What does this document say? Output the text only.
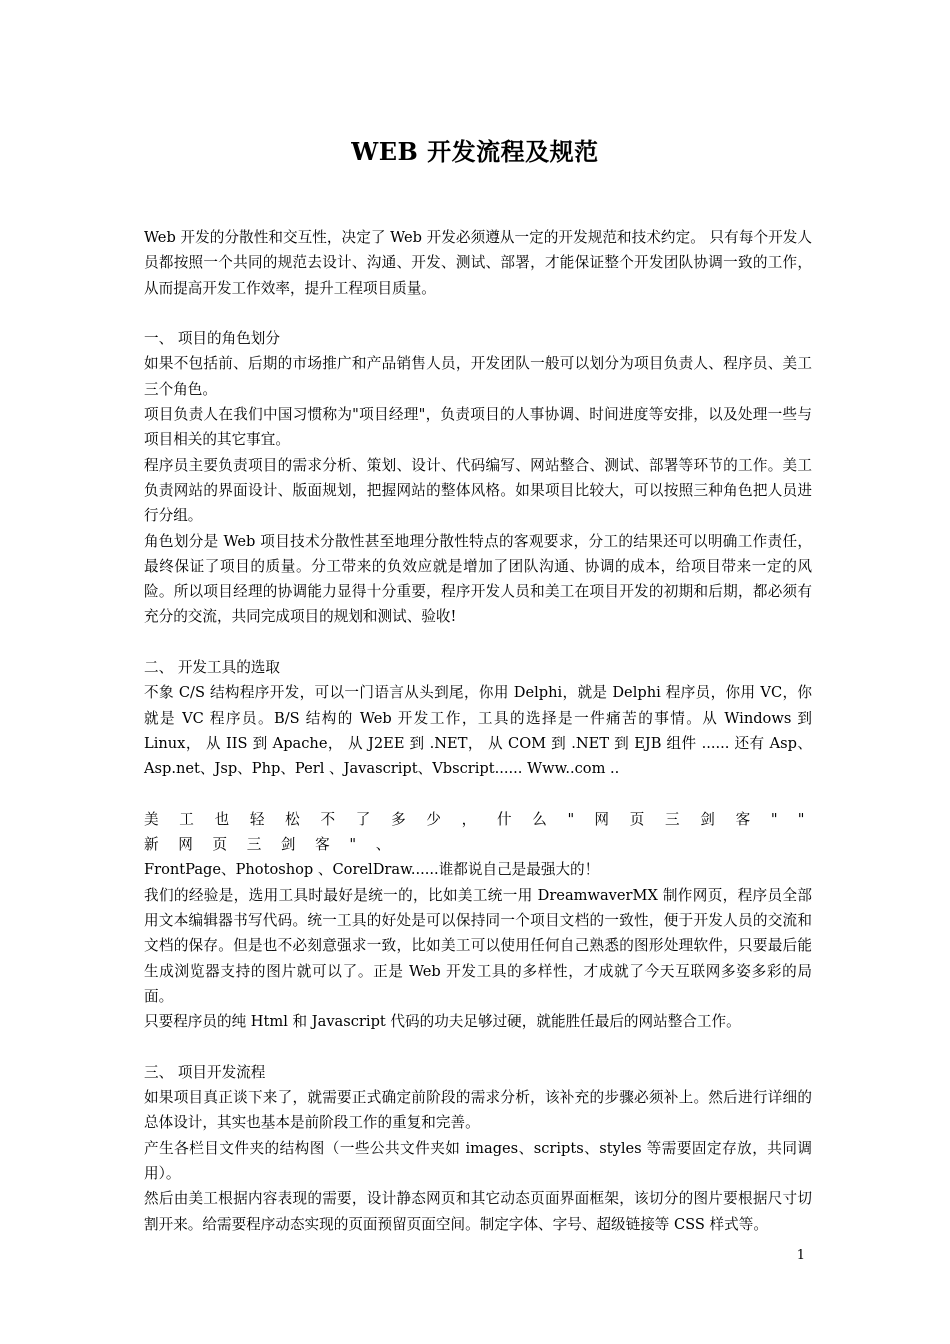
WEB 开发流程及规范

Web 开发的分散性和交互性，决定了 Web 开发必须遵从一定的开发规范和技术约定。 只有每个开发人员都按照一个共同的规范去设计、沟通、开发、测试、部署，才能保证整个开发团队协调一致的工作，从而提高开发工作效率，提升工程项目质量。

一、 项目的角色划分

如果不包括前、后期的市场推广和产品销售人员，开发团队一般可以划分为项目负责人、程序员、美工三个角色。

项目负责人在我们中国习惯称为"项目经理"，负责项目的人事协调、时间进度等安排，以及处理一些与项目相关的其它事宜。

程序员主要负责项目的需求分析、策划、设计、代码编写、网站整合、测试、部署等环节的工作。美工负责网站的界面设计、版面规划，把握网站的整体风格。如果项目比较大，可以按照三种角色把人员进行分组。

角色划分是 Web 项目技术分散性甚至地理分散性特点的客观要求，分工的结果还可以明确工作责任，最终保证了项目的质量。分工带来的负效应就是增加了团队沟通、协调的成本，给项目带来一定的风险。所以项目经理的协调能力显得十分重要，程序开发人员和美工在项目开发的初期和后期，都必须有充分的交流，共同完成项目的规划和测试、验收!

二、 开发工具的选取

不象 C/S 结构程序开发，可以一门语言从头到尾，你用 Delphi，就是 Delphi 程序员，你用 VC，你就是 VC 程序员。B/S 结构的 Web 开发工作，工具的选择是一件痛苦的事情。从 Windows 到 Linux， 从 IIS 到 Apache， 从 J2EE 到 .NET， 从 COM 到 .NET 到 EJB 组件 ...... 还有 Asp、Asp.net、Jsp、Php、Perl 、Javascript、Vbscript...... Www..com ..

美 工 也 轻 松 不 了 多 少 ， 什 么 " 网 页 三 剑 客 " " 新 网 页 三 剑 客 " 、

FrontPage、Photoshop 、CorelDraw......谁都说自己是最强大的！

我们的经验是，选用工具时最好是统一的，比如美工统一用 DreamwaverMX 制作网页，程序员全部用文本编辑器书写代码。统一工具的好处是可以保持同一个项目文档的一致性，便于开发人员的交流和文档的保存。但是也不必刻意强求一致，比如美工可以使用任何自己熟悉的图形处理软件，只要最后能生成浏览器支持的图片就可以了。正是 Web 开发工具的多样性，才成就了今天互联网多姿多彩的局面。

只要程序员的纯 Html 和 Javascript 代码的功夫足够过硬，就能胜任最后的网站整合工作。

三、 项目开发流程

如果项目真正谈下来了，就需要正式确定前阶段的需求分析，该补充的步骤必须补上。然后进行详细的总体设计，其实也基本是前阶段工作的重复和完善。

产生各栏目文件夹的结构图（一些公共文件夹如 images、scripts、styles 等需要固定存放，共同调用）。

然后由美工根据内容表现的需要，设计静态网页和其它动态页面界面框架，该切分的图片要根据尺寸切割开来。给需要程序动态实现的页面预留页面空间。制定字体、字号、超级链接等 CSS 样式等。

1
